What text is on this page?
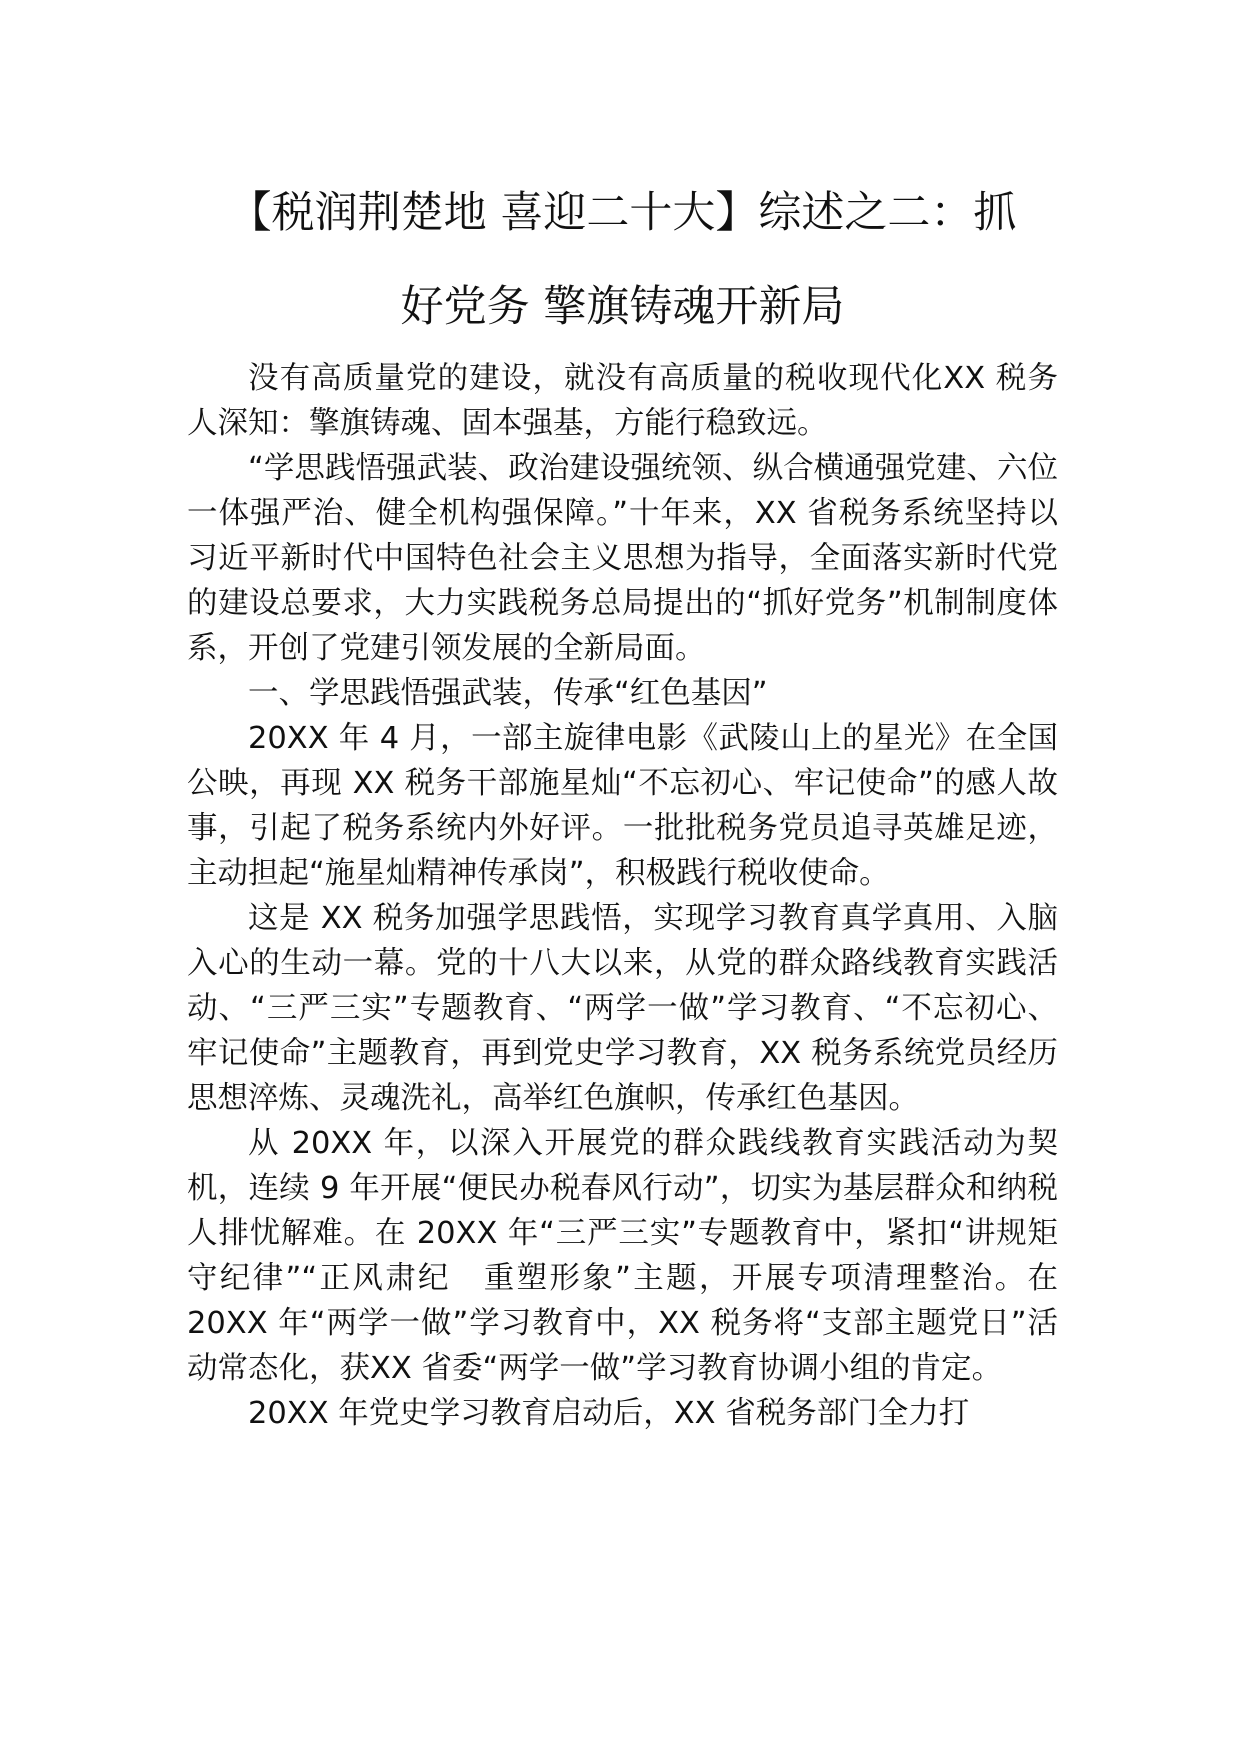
【税润荆楚地 喜迎二十大】综述之二：抓
好党务 擎旗铸魂开新局

没有高质量党的建设，就没有高质量的税收现代化XX 税务人深知：擎旗铸魂、固本强基，方能行稳致远。

“学思践悟强武装、政治建设强统领、纵合横通强党建、六位一体强严治、健全机构强保障。”十年来，XX 省税务系统坚持以习近平新时代中国特色社会主义思想为指导，全面落实新时代党的建设总要求，大力实践税务总局提出的“抓好党务”机制制度体系，开创了党建引领发展的全新局面。

一、学思践悟强武装，传承“红色基因”

20XX 年 4 月，一部主旋律电影《武陵山上的星光》在全国公映，再现 XX 税务干部施星灿“不忘初心、牢记使命”的感人故事，引起了税务系统内外好评。一批批税务党员追寻英雄足迹，主动担起“施星灿精神传承岗”，积极践行税收使命。

这是 XX 税务加强学思践悟，实现学习教育真学真用、入脑入心的生动一幕。党的十八大以来，从党的群众路线教育实践活动、“三严三实”专题教育、“两学一做”学习教育、“不忘初心、牢记使命”主题教育，再到党史学习教育，XX 税务系统党员经历思想淬炼、灵魂洗礼，高举红色旗帜，传承红色基因。

从 20XX 年，以深入开展党的群众践线教育实践活动为契机，连续 9 年开展“便民办税春风行动”，切实为基层群众和纳税人排忧解难。在 20XX 年“三严三实”专题教育中，紧扣“讲规矩　守纪律”“正风肃纪　重塑形象”主题，开展专项清理整治。在 20XX 年“两学一做”学习教育中，XX 税务将“支部主题党日”活动常态化，获XX 省委“两学一做”学习教育协调小组的肯定。

20XX 年党史学习教育启动后，XX 省税务部门全力打
